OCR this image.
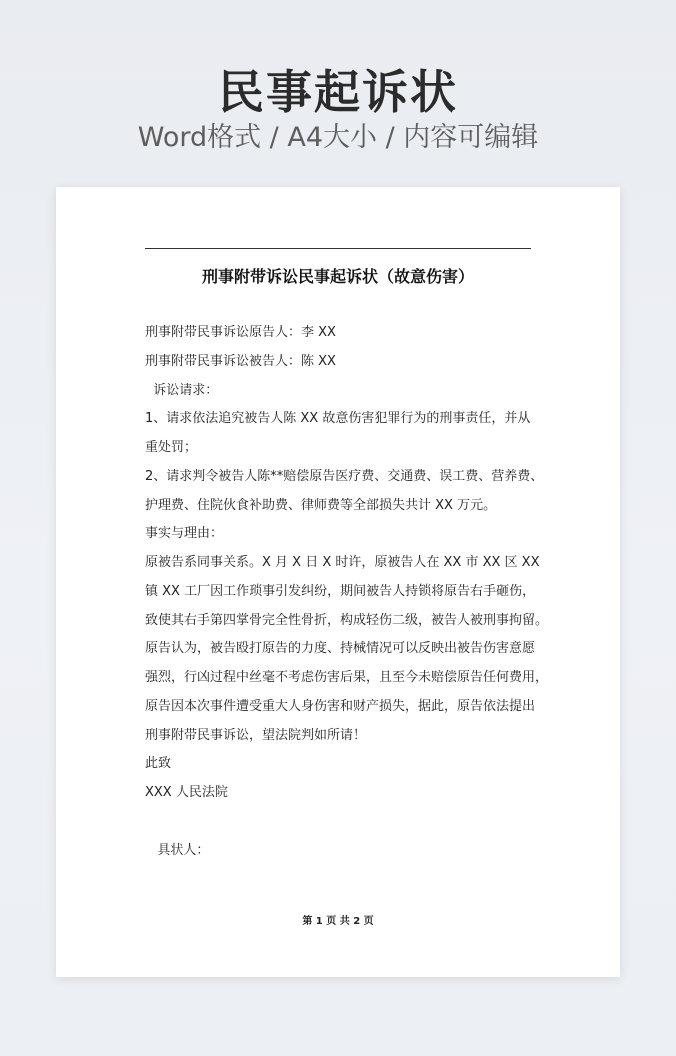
民事起诉状
Word格式 / A4大小 / 内容可编辑
刑事附带诉讼民事起诉状（故意伤害）
刑事附带民事诉讼原告人：李 XX
刑事附带民事诉讼被告人：陈 XX
诉讼请求：
1、请求依法追究被告人陈 XX 故意伤害犯罪行为的刑事责任，并从
重处罚；
2、请求判令被告人陈**赔偿原告医疗费、交通费、误工费、营养费、
护理费、住院伙食补助费、律师费等全部损失共计 XX 万元。
事实与理由：
原被告系同事关系。X 月 X 日 X 时许，原被告人在 XX 市 XX 区 XX
镇 XX 工厂因工作琐事引发纠纷，期间被告人持锁将原告右手砸伤，
致使其右手第四掌骨完全性骨折，构成轻伤二级，被告人被刑事拘留。
原告认为，被告殴打原告的力度、持械情况可以反映出被告伤害意愿
强烈，行凶过程中丝毫不考虑伤害后果，且至今未赔偿原告任何费用，
原告因本次事件遭受重大人身伤害和财产损失，据此，原告依法提出
刑事附带民事诉讼，望法院判如所请！
此致
XXX 人民法院
具状人：
第 1 页 共 2 页
